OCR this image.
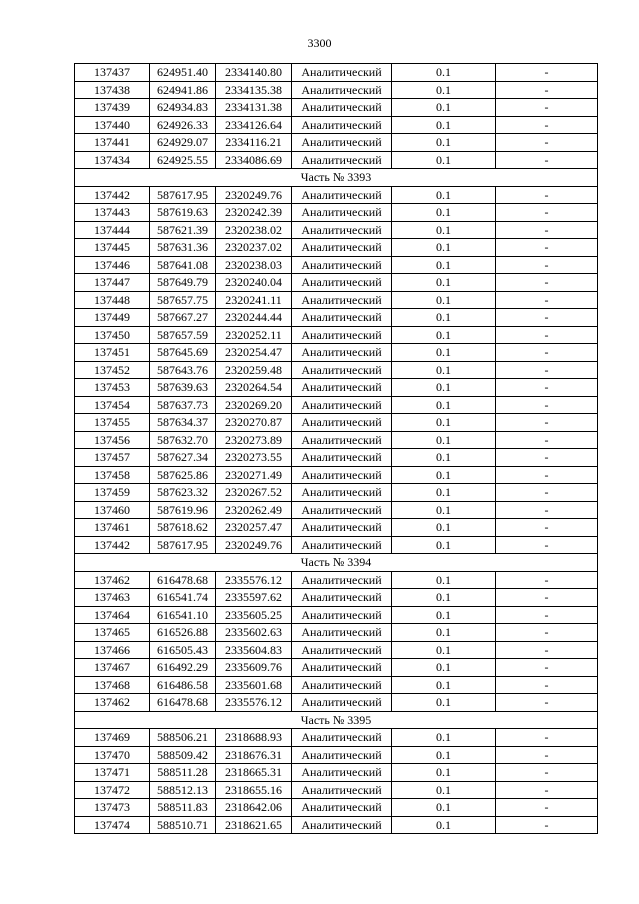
3300
137437	624951.40	2334140.80	Аналитический	0.1	-
137438	624941.86	2334135.38	Аналитический	0.1	-
137439	624934.83	2334131.38	Аналитический	0.1	-
137440	624926.33	2334126.64	Аналитический	0.1	-
137441	624929.07	2334116.21	Аналитический	0.1	-
137434	624925.55	2334086.69	Аналитический	0.1	-
Часть № 3393					
137442	587617.95	2320249.76	Аналитический	0.1	-
137443	587619.63	2320242.39	Аналитический	0.1	-
137444	587621.39	2320238.02	Аналитический	0.1	-
137445	587631.36	2320237.02	Аналитический	0.1	-
137446	587641.08	2320238.03	Аналитический	0.1	-
137447	587649.79	2320240.04	Аналитический	0.1	-
137448	587657.75	2320241.11	Аналитический	0.1	-
137449	587667.27	2320244.44	Аналитический	0.1	-
137450	587657.59	2320252.11	Аналитический	0.1	-
137451	587645.69	2320254.47	Аналитический	0.1	-
137452	587643.76	2320259.48	Аналитический	0.1	-
137453	587639.63	2320264.54	Аналитический	0.1	-
137454	587637.73	2320269.20	Аналитический	0.1	-
137455	587634.37	2320270.87	Аналитический	0.1	-
137456	587632.70	2320273.89	Аналитический	0.1	-
137457	587627.34	2320273.55	Аналитический	0.1	-
137458	587625.86	2320271.49	Аналитический	0.1	-
137459	587623.32	2320267.52	Аналитический	0.1	-
137460	587619.96	2320262.49	Аналитический	0.1	-
137461	587618.62	2320257.47	Аналитический	0.1	-
137442	587617.95	2320249.76	Аналитический	0.1	-
Часть № 3394					
137462	616478.68	2335576.12	Аналитический	0.1	-
137463	616541.74	2335597.62	Аналитический	0.1	-
137464	616541.10	2335605.25	Аналитический	0.1	-
137465	616526.88	2335602.63	Аналитический	0.1	-
137466	616505.43	2335604.83	Аналитический	0.1	-
137467	616492.29	2335609.76	Аналитический	0.1	-
137468	616486.58	2335601.68	Аналитический	0.1	-
137462	616478.68	2335576.12	Аналитический	0.1	-
Часть № 3395					
137469	588506.21	2318688.93	Аналитический	0.1	-
137470	588509.42	2318676.31	Аналитический	0.1	-
137471	588511.28	2318665.31	Аналитический	0.1	-
137472	588512.13	2318655.16	Аналитический	0.1	-
137473	588511.83	2318642.06	Аналитический	0.1	-
137474	588510.71	2318621.65	Аналитический	0.1	-
